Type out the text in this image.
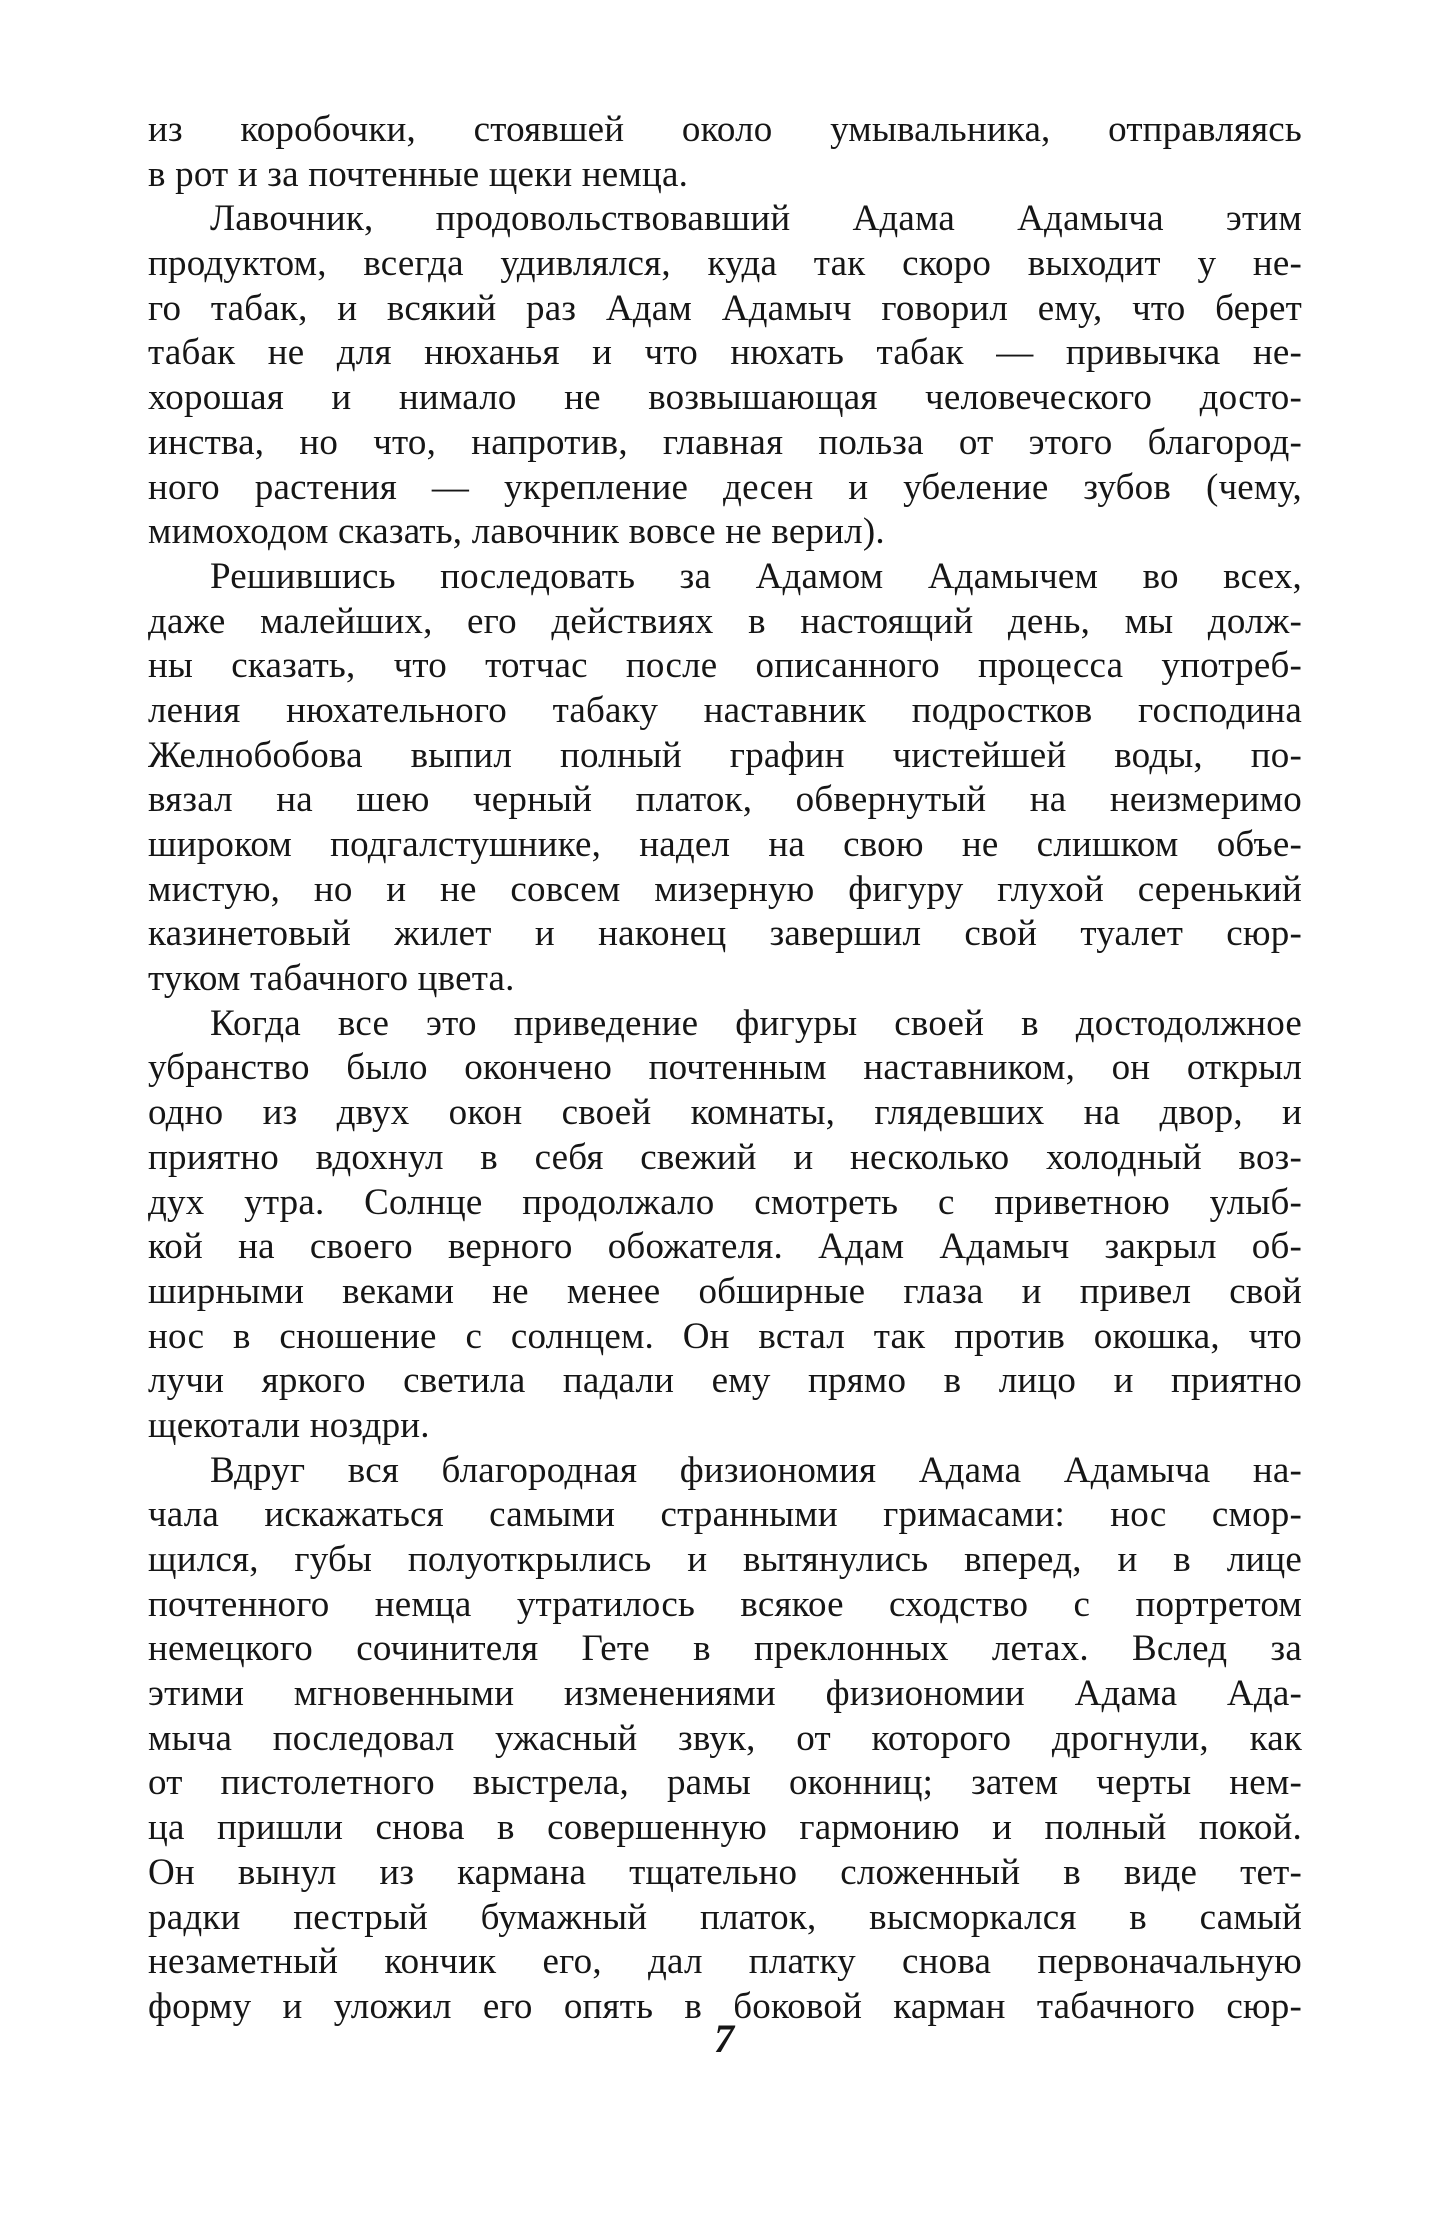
из коробочки, стоявшей около умывальника, отправляясь
в рот и за почтенные щеки немца.
Лавочник, продовольствовавший Адама Адамыча этим
продуктом, всегда удивлялся, куда так скоро выходит у не-
го табак, и всякий раз Адам Адамыч говорил ему, что берет
табак не для нюханья и что нюхать табак — привычка не-
хорошая и нимало не возвышающая человеческого досто-
инства, но что, напротив, главная польза от этого благород-
ного растения — укрепление десен и убеление зубов (чему,
мимоходом сказать, лавочник вовсе не верил).
Решившись последовать за Адамом Адамычем во всех,
даже малейших, его действиях в настоящий день, мы долж-
ны сказать, что тотчас после описанного процесса употреб-
ления нюхательного табаку наставник подростков господина
Желнобобова выпил полный графин чистейшей воды, по-
вязал на шею черный платок, обвернутый на неизмеримо
широком подгалстушнике, надел на свою не слишком объе-
мистую, но и не совсем мизерную фигуру глухой серенький
казинетовый жилет и наконец завершил свой туалет сюр-
туком табачного цвета.
Когда все это приведение фигуры своей в достодолжное
убранство было окончено почтенным наставником, он открыл
одно из двух окон своей комнаты, глядевших на двор, и
приятно вдохнул в себя свежий и несколько холодный воз-
дух утра. Солнце продолжало смотреть с приветною улыб-
кой на своего верного обожателя. Адам Адамыч закрыл об-
ширными веками не менее обширные глаза и привел свой
нос в сношение с солнцем. Он встал так против окошка, что
лучи яркого светила падали ему прямо в лицо и приятно
щекотали ноздри.
Вдруг вся благородная физиономия Адама Адамыча на-
чала искажаться самыми странными гримасами: нос смор-
щился, губы полуоткрылись и вытянулись вперед, и в лице
почтенного немца утратилось всякое сходство с портретом
немецкого сочинителя Гете в преклонных летах. Вслед за
этими мгновенными изменениями физиономии Адама Ада-
мыча последовал ужасный звук, от которого дрогнули, как
от пистолетного выстрела, рамы оконниц; затем черты нем-
ца пришли снова в совершенную гармонию и полный покой.
Он вынул из кармана тщательно сложенный в виде тет-
радки пестрый бумажный платок, высморкался в самый
незаметный кончик его, дал платку снова первоначальную
форму и уложил его опять в боковой карман табачного сюр-
7
